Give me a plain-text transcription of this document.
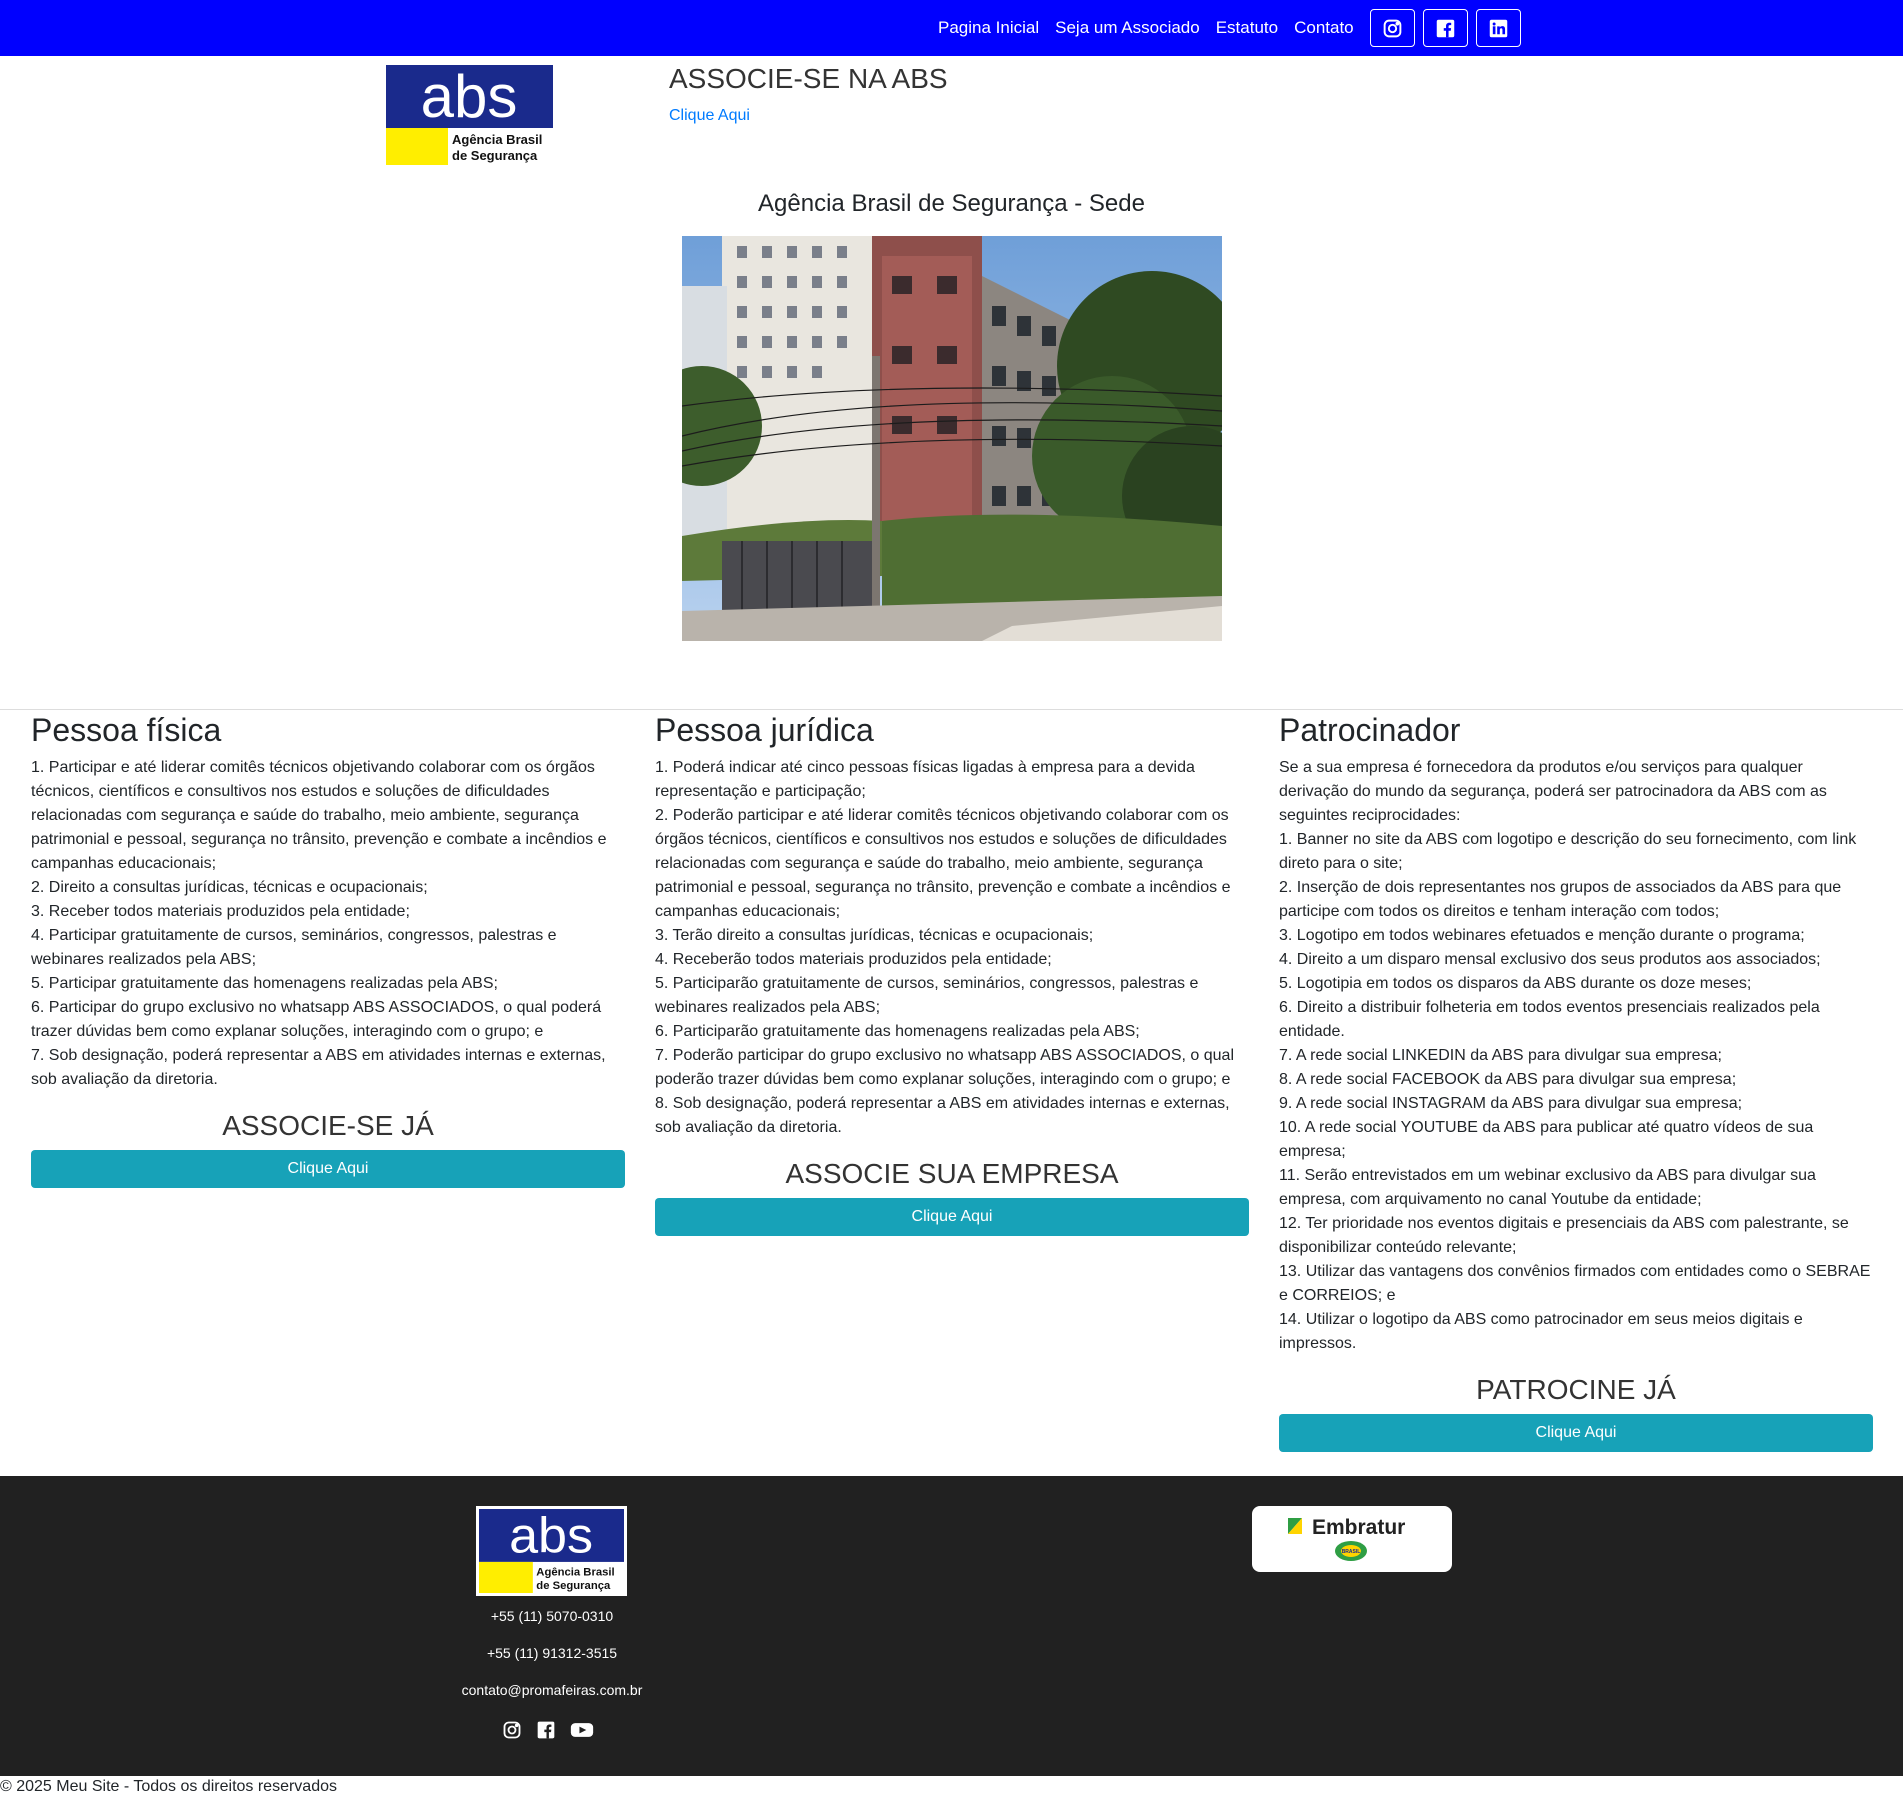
Pagina Inicial Seja um Associado Estatuto Contato
abs
Agência Brasil
de Segurança
ASSOCIE-SE NA ABS
Clique Aqui
Agência Brasil de Segurança - Sede
Pessoa física

1. Participar e até liderar comitês técnicos objetivando colaborar com os órgãos técnicos, científicos e consultivos nos estudos e soluções de dificuldades relacionadas com segurança e saúde do trabalho, meio ambiente, segurança patrimonial e pessoal, segurança no trânsito, prevenção e combate a incêndios e campanhas educacionais;
2. Direito a consultas jurídicas, técnicas e ocupacionais;
3. Receber todos materiais produzidos pela entidade;
4. Participar gratuitamente de cursos, seminários, congressos, palestras e webinares realizados pela ABS;
5. Participar gratuitamente das homenagens realizadas pela ABS;
6. Participar do grupo exclusivo no whatsapp ABS ASSOCIADOS, o qual poderá trazer dúvidas bem como explanar soluções, interagindo com o grupo; e
7. Sob designação, poderá representar a ABS em atividades internas e externas, sob avaliação da diretoria.

ASSOCIE-SE JÁ
Clique Aqui
Pessoa jurídica

1. Poderá indicar até cinco pessoas físicas ligadas à empresa para a devida representação e participação;
2. Poderão participar e até liderar comitês técnicos objetivando colaborar com os órgãos técnicos, científicos e consultivos nos estudos e soluções de dificuldades relacionadas com segurança e saúde do trabalho, meio ambiente, segurança patrimonial e pessoal, segurança no trânsito, prevenção e combate a incêndios e campanhas educacionais;
3. Terão direito a consultas jurídicas, técnicas e ocupacionais;
4. Receberão todos materiais produzidos pela entidade;
5. Participarão gratuitamente de cursos, seminários, congressos, palestras e webinares realizados pela ABS;
6. Participarão gratuitamente das homenagens realizadas pela ABS;
7. Poderão participar do grupo exclusivo no whatsapp ABS ASSOCIADOS, o qual poderão trazer dúvidas bem como explanar soluções, interagindo com o grupo; e
8. Sob designação, poderá representar a ABS em atividades internas e externas, sob avaliação da diretoria.

ASSOCIE SUA EMPRESA
Clique Aqui
Patrocinador

Se a sua empresa é fornecedora da produtos e/ou serviços para qualquer derivação do mundo da segurança, poderá ser patrocinadora da ABS com as seguintes reciprocidades:
1. Banner no site da ABS com logotipo e descrição do seu fornecimento, com link direto para o site;
2. Inserção de dois representantes nos grupos de associados da ABS para que participe com todos os direitos e tenham interação com todos;
3. Logotipo em todos webinares efetuados e menção durante o programa;
4. Direito a um disparo mensal exclusivo dos seus produtos aos associados;
5. Logotipia em todos os disparos da ABS durante os doze meses;
6. Direito a distribuir folheteria em todos eventos presenciais realizados pela entidade.
7. A rede social LINKEDIN da ABS para divulgar sua empresa;
8. A rede social FACEBOOK da ABS para divulgar sua empresa;
9. A rede social INSTAGRAM da ABS para divulgar sua empresa;
10. A rede social YOUTUBE da ABS para publicar até quatro vídeos de sua empresa;
11. Serão entrevistados em um webinar exclusivo da ABS para divulgar sua empresa, com arquivamento no canal Youtube da entidade;
12. Ter prioridade nos eventos digitais e presenciais da ABS com palestrante, se disponibilizar conteúdo relevante;
13. Utilizar das vantagens dos convênios firmados com entidades como o SEBRAE e CORREIOS; e
14. Utilizar o logotipo da ABS como patrocinador em seus meios digitais e impressos.

PATROCINE JÁ
Clique Aqui
abs
Agência Brasil
de Segurança
+55 (11) 5070-0310
+55 (11) 91312-3515
contato@promafeiras.com.br
Embratur
BRASIL
© 2025 Meu Site - Todos os direitos reservados
